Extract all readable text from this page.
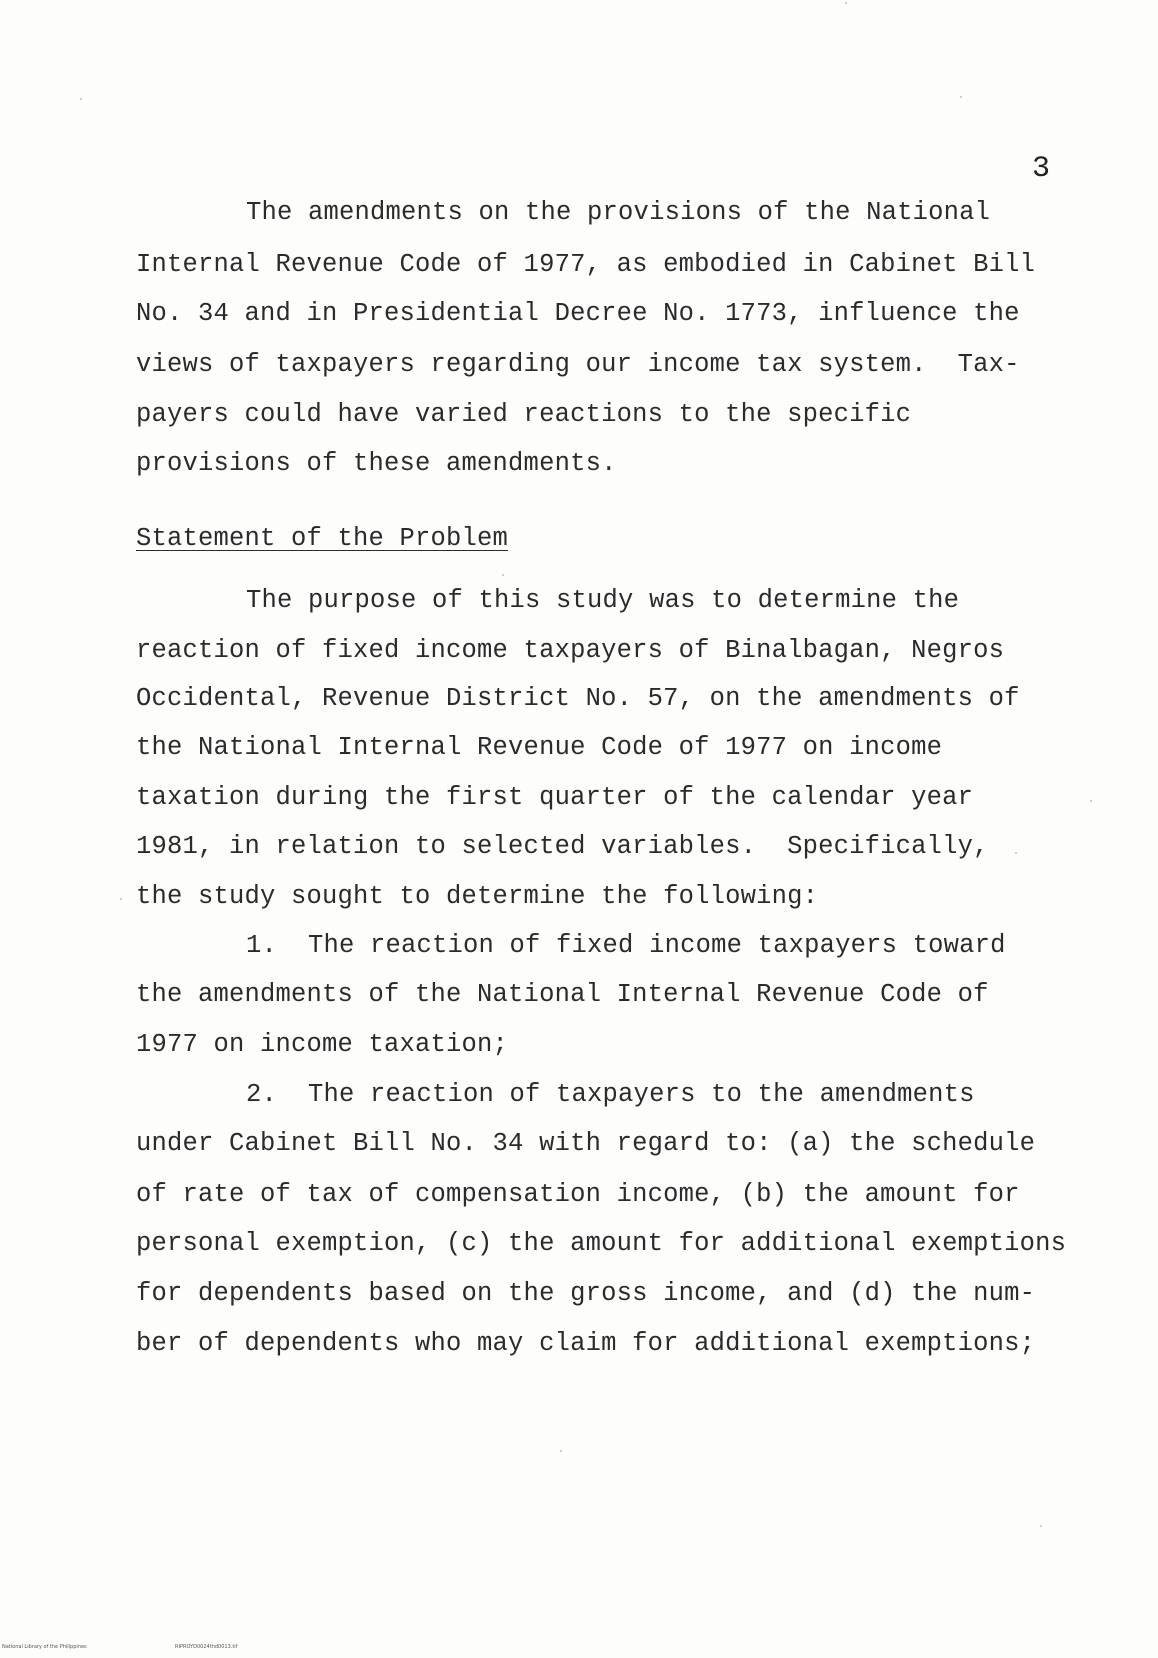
3
The amendments on the provisions of the National
Internal Revenue Code of 1977, as embodied in Cabinet Bill
No. 34 and in Presidential Decree No. 1773, influence the
views of taxpayers regarding our income tax system.  Tax-
payers could have varied reactions to the specific
provisions of these amendments.
Statement of the Problem
The purpose of this study was to determine the
reaction of fixed income taxpayers of Binalbagan, Negros
Occidental, Revenue District No. 57, on the amendments of
the National Internal Revenue Code of 1977 on income
taxation during the first quarter of the calendar year
1981, in relation to selected variables.  Specifically,
the study sought to determine the following:
1.  The reaction of fixed income taxpayers toward
the amendments of the National Internal Revenue Code of
1977 on income taxation;
2.  The reaction of taxpayers to the amendments
under Cabinet Bill No. 34 with regard to: (a) the schedule
of rate of tax of compensation income, (b) the amount for
personal exemption, (c) the amount for additional exemptions
for dependents based on the gross income, and (d) the num-
ber of dependents who may claim for additional exemptions;
National Library of the Philippines	RIPROYD0024thd0013.tif
